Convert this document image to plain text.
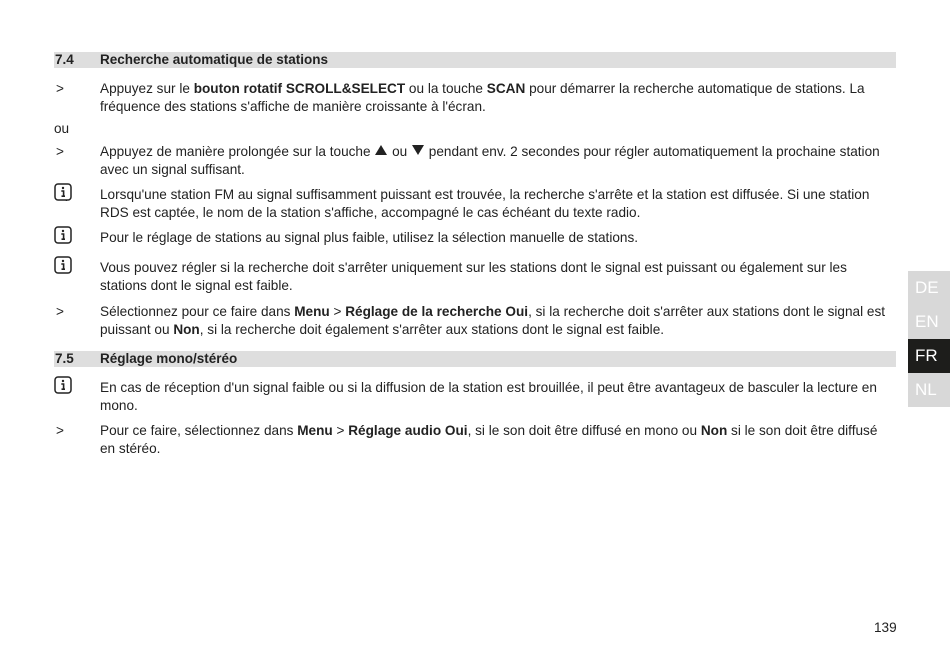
7.4 Recherche automatique de stations
>	Appuyez sur le bouton rotatif SCROLL&SELECT ou la touche SCAN pour démarrer la recherche automatique de stations. La fréquence des stations s'affiche de manière croissante à l'écran.
ou
>	Appuyez de manière prolongée sur la touche  ou  pendant env. 2 secondes pour régler automatiquement la prochaine station avec un signal suffisant.
Lorsqu'une station FM au signal suffisamment puissant est trouvée, la recherche s'arrête et la station est diffusée. Si une station RDS est captée, le nom de la station s'affiche, accompagné le cas échéant du texte radio.
Pour le réglage de stations au signal plus faible, utilisez la sélection manuelle de stations.
Vous pouvez régler si la recherche doit s'arrêter uniquement sur les stations dont le signal est puissant ou également sur les stations dont le signal est faible.
>	Sélectionnez pour ce faire dans Menu > Réglage de la recherche Oui, si la recherche doit s'arrêter aux stations dont le signal est puissant ou Non, si la recherche doit également s'arrêter aux stations dont le signal est faible.
7.5 Réglage mono/stéréo
En cas de réception d'un signal faible ou si la diffusion de la station est brouillée, il peut être avantageux de basculer la lecture en mono.
>	Pour ce faire, sélectionnez dans Menu > Réglage audio Oui, si le son doit être diffusé en mono ou Non si le son doit être diffusé en stéréo.
DE
EN
FR
NL
139
